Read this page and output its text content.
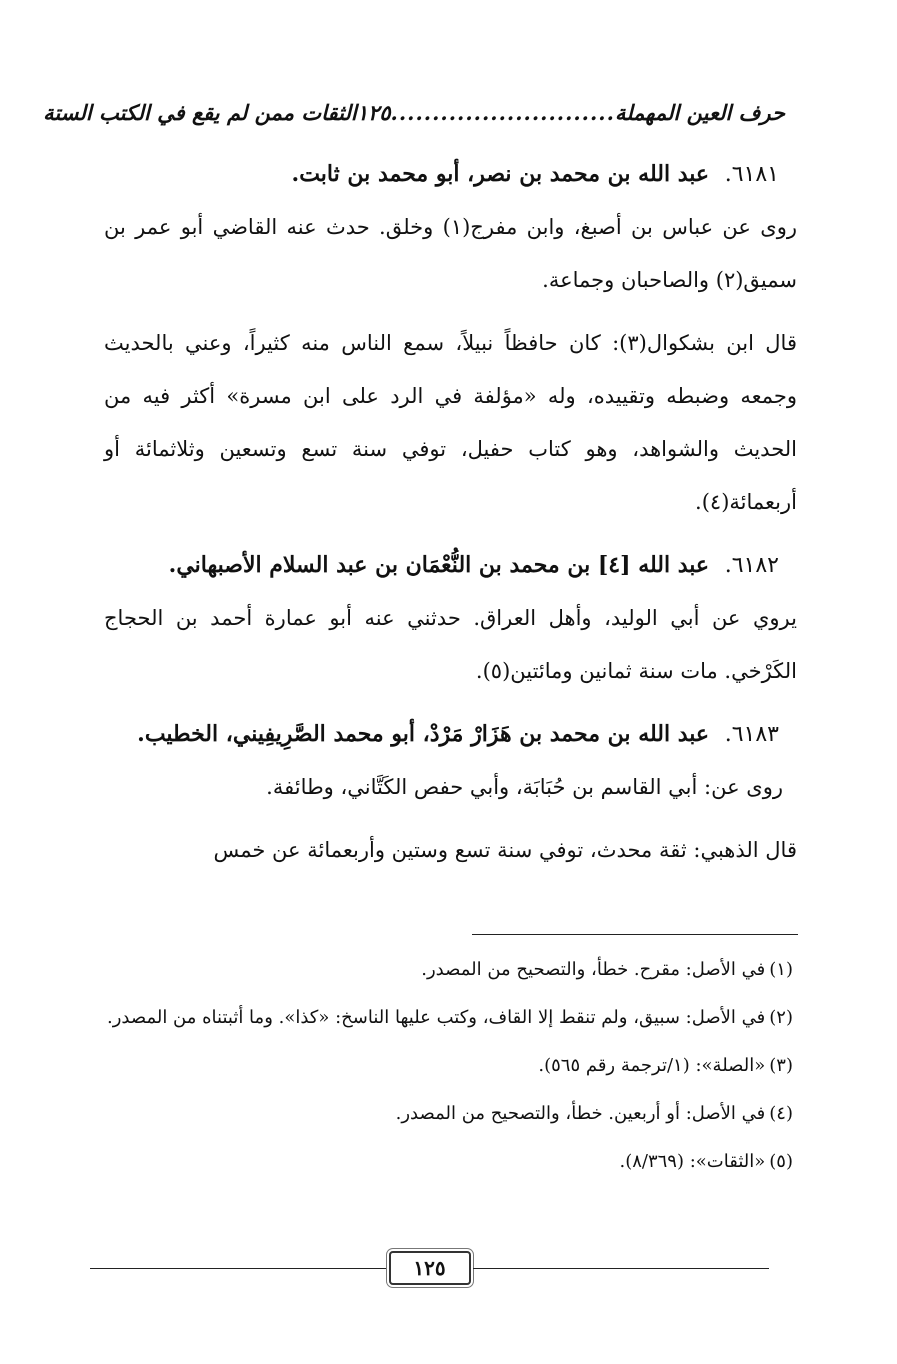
حرف العين المهملة
...........................
١٢٥
الثقات ممن لم يقع في الكتب الستة
٦١٨١. عبد الله بن محمد بن نصر، أبو محمد بن ثابت.

روى عن عباس بن أصبغ، وابن مفرج(١) وخلق. حدث عنه القاضي أبو عمر بن سميق(٢) والصاحبان وجماعة.

قال ابن بشكوال(٣): كان حافظاً نبيلاً، سمع الناس منه كثيراً، وعني بالحديث وجمعه وضبطه وتقييده، وله «مؤلفة في الرد على ابن مسرة» أكثر فيه من الحديث والشواهد، وهو كتاب حفيل، توفي سنة تسع وتسعين وثلاثمائة أو أربعمائة(٤).

٦١٨٢. عبد الله [٤] بن محمد بن النُّعْمَان بن عبد السلام الأصبهاني.

يروي عن أبي الوليد، وأهل العراق. حدثني عنه أبو عمارة أحمد بن الحجاج الكَرْخي. مات سنة ثمانين ومائتين(٥).

٦١٨٣. عبد الله بن محمد بن هَزَارْ مَرْدْ، أبو محمد الصَّرِيفِيني، الخطيب.

روى عن: أبي القاسم بن حُبَابَة، وأبي حفص الكَتَّاني، وطائفة.

قال الذهبي: ثقة محدث، توفي سنة تسع وستين وأربعمائة عن خمس

(١)في الأصل: مقرح. خطأ، والتصحيح من المصدر.

(٢)في الأصل: سبيق، ولم تنقط إلا القاف، وكتب عليها الناسخ: «كذا». وما أثبتناه من المصدر.

(٣)«الصلة»: (١/ترجمة رقم ٥٦٥).

(٤)في الأصل: أو أربعين. خطأ، والتصحيح من المصدر.

(٥)«الثقات»: (٨/٣٦٩).

١٢٥
